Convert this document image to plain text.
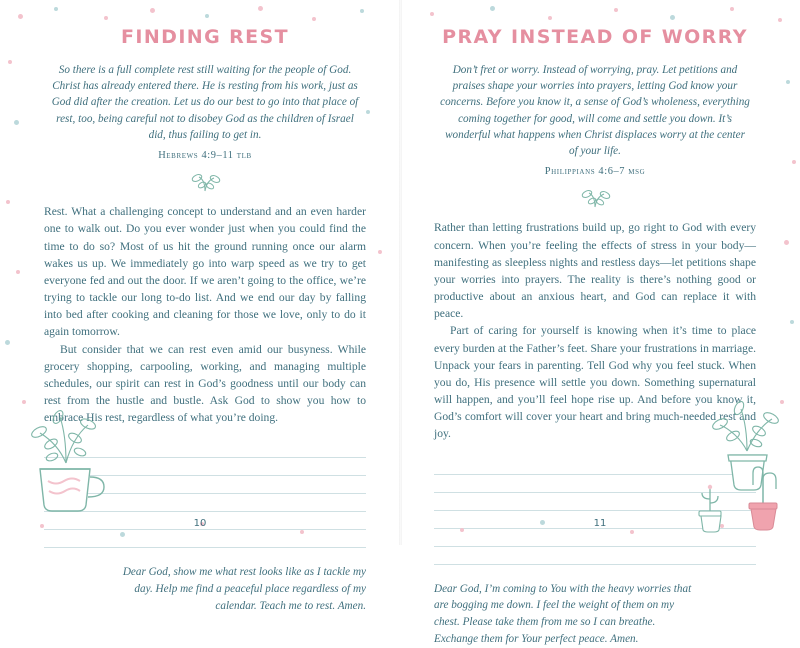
FINDING REST
So there is a full complete rest still waiting for the people of God. Christ has already entered there. He is resting from his work, just as God did after the creation. Let us do our best to go into that place of rest, too, being careful not to disobey God as the children of Israel did, thus failing to get in.
Hebrews 4:9–11 tlb

Rest. What a challenging concept to understand and an even harder one to walk out. Do you ever wonder just when you could find the time to do so? Most of us hit the ground running once our alarm wakes us up. We immediately go into warp speed as we try to get everyone fed and out the door. If we aren’t going to the office, we’re trying to tackle our long to-do list. And we end our day by falling into bed after cooking and cleaning for those we love, only to do it again tomorrow.

But consider that we can rest even amid our busyness. While grocery shopping, carpooling, working, and managing multiple schedules, our spirit can rest in God’s goodness until our body can rest from the hustle and bustle. Ask God to show you how to embrace His rest, regardless of what you’re doing.

Dear God, show me what rest looks like as I tackle my day. Help me find a peaceful place regardless of my calendar. Teach me to rest. Amen.
10
PRAY INSTEAD OF WORRY
Don’t fret or worry. Instead of worrying, pray. Let petitions and praises shape your worries into prayers, letting God know your concerns. Before you know it, a sense of God’s wholeness, everything coming together for good, will come and settle you down. It’s wonderful what happens when Christ displaces worry at the center of your life.
Philippians 4:6–7 msg

Rather than letting frustrations build up, go right to God with every concern. When you’re feeling the effects of stress in your body—manifesting as sleepless nights and restless days—let petitions shape your worries into prayers. The reality is there’s nothing good or productive about an anxious heart, and God can replace it with peace.

Part of caring for yourself is knowing when it’s time to place every burden at the Father’s feet. Share your frustrations in marriage. Unpack your fears in parenting. Tell God why you feel stuck. When you do, His presence will settle you down. Something supernatural will happen, and you’ll feel hope rise up. And before you know it, God’s comfort will cover your heart and bring much-needed rest and joy.

Dear God, I’m coming to You with the heavy worries that are bogging me down. I feel the weight of them on my chest. Please take them from me so I can breathe. Exchange them for Your perfect peace. Amen.
11
